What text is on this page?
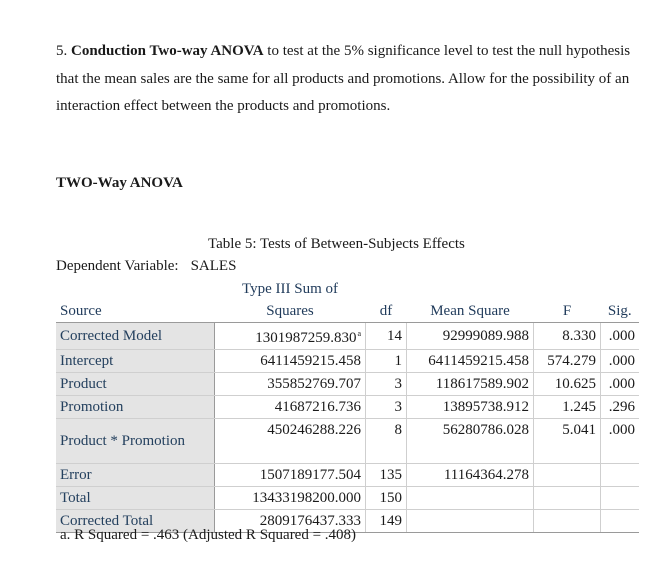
5. Conduction Two-way ANOVA to test at the 5% significance level to test the null hypothesis that the mean sales are the same for all products and promotions. Allow for the possibility of an interaction effect between the products and promotions.

TWO-Way ANOVA
Table 5: Tests of Between-Subjects Effects
Dependent Variable: SALES
	Type III Sum of				
Source	Squares	df	Mean Square	F	Sig.
Corrected Model	1301987259.830$^a$	14	92999089.988	8.330	.000
Intercept	6411459215.458	1	6411459215.458	574.279	.000
Product	355852769.707	3	118617589.902	10.625	.000
Promotion	41687216.736	3	13895738.912	1.245	.296
Product * Promotion	450246288.226	8	56280786.028	5.041	.000
Error	1507189177.504	135	11164364.278		
Total	13433198200.000	150			
Corrected Total	2809176437.333	149			
a. R Squared = .463 (Adjusted R Squared = .408)
